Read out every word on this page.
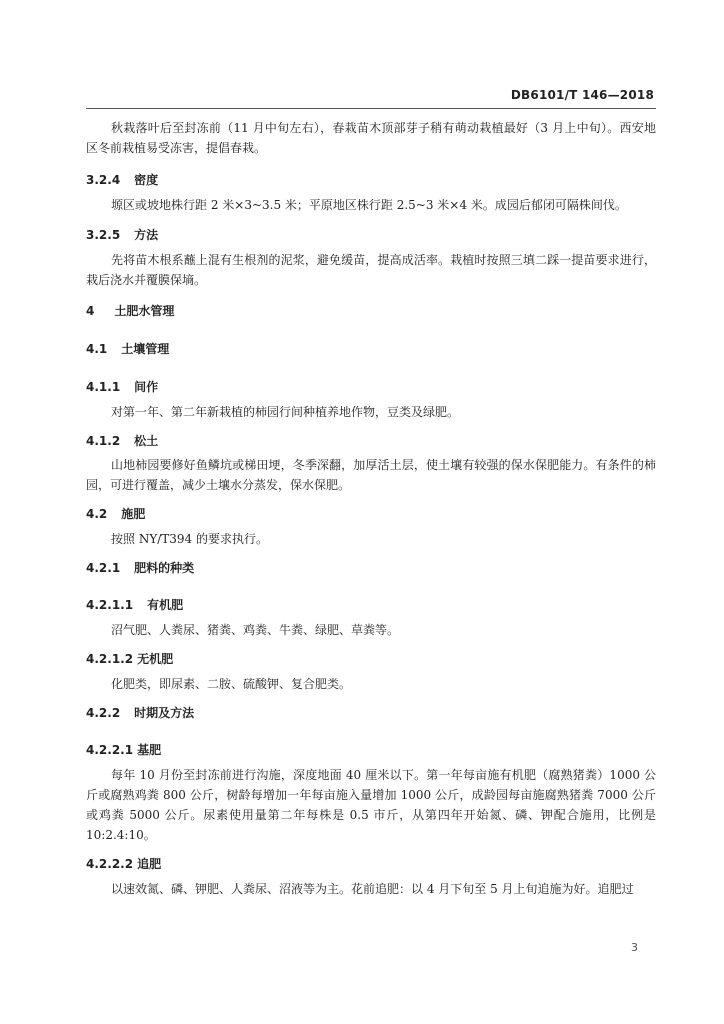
DB6101/T 146—2018

秋栽落叶后至封冻前（11 月中旬左右），春栽苗木顶部芽子稍有萌动栽植最好（3 月上中旬）。西安地区冬前栽植易受冻害，提倡春栽。

3.2.4 密度

塬区或坡地株行距 2 米×3~3.5 米；平原地区株行距 2.5~3 米×4 米。成园后郁闭可隔株间伐。

3.2.5 方法

先将苗木根系蘸上混有生根剂的泥浆，避免缓苗，提高成活率。栽植时按照三填二踩一提苗要求进行，栽后浇水并覆膜保墒。

4 土肥水管理
4.1 土壤管理
4.1.1 间作

对第一年、第二年新栽植的柿园行间种植养地作物，豆类及绿肥。

4.1.2 松土

山地柿园要修好鱼鳞坑或梯田埂，冬季深翻，加厚活土层，使土壤有较强的保水保肥能力。有条件的柿园，可进行覆盖，减少土壤水分蒸发，保水保肥。

4.2 施肥

按照 NY/T394 的要求执行。

4.2.1 肥料的种类
4.2.1.1 有机肥

沼气肥、人粪尿、猪粪、鸡粪、牛粪、绿肥、草粪等。

4.2.1.2 无机肥

化肥类，即尿素、二胺、硫酸钾、复合肥类。

4.2.2 时期及方法
4.2.2.1 基肥

每年 10 月份至封冻前进行沟施，深度地面 40 厘米以下。第一年每亩施有机肥（腐熟猪粪）1000 公斤或腐熟鸡粪 800 公斤，树龄每增加一年每亩施入量增加 1000 公斤，成龄园每亩施腐熟猪粪 7000 公斤或鸡粪 5000 公斤。尿素使用量第二年每株是 0.5 市斤，从第四年开始氮、磷、钾配合施用，比例是 10:2.4:10。

4.2.2.2 追肥

以速效氮、磷、钾肥、人粪尿、沼液等为主。花前追肥：以 4 月下旬至 5 月上旬追施为好。追肥过

3
